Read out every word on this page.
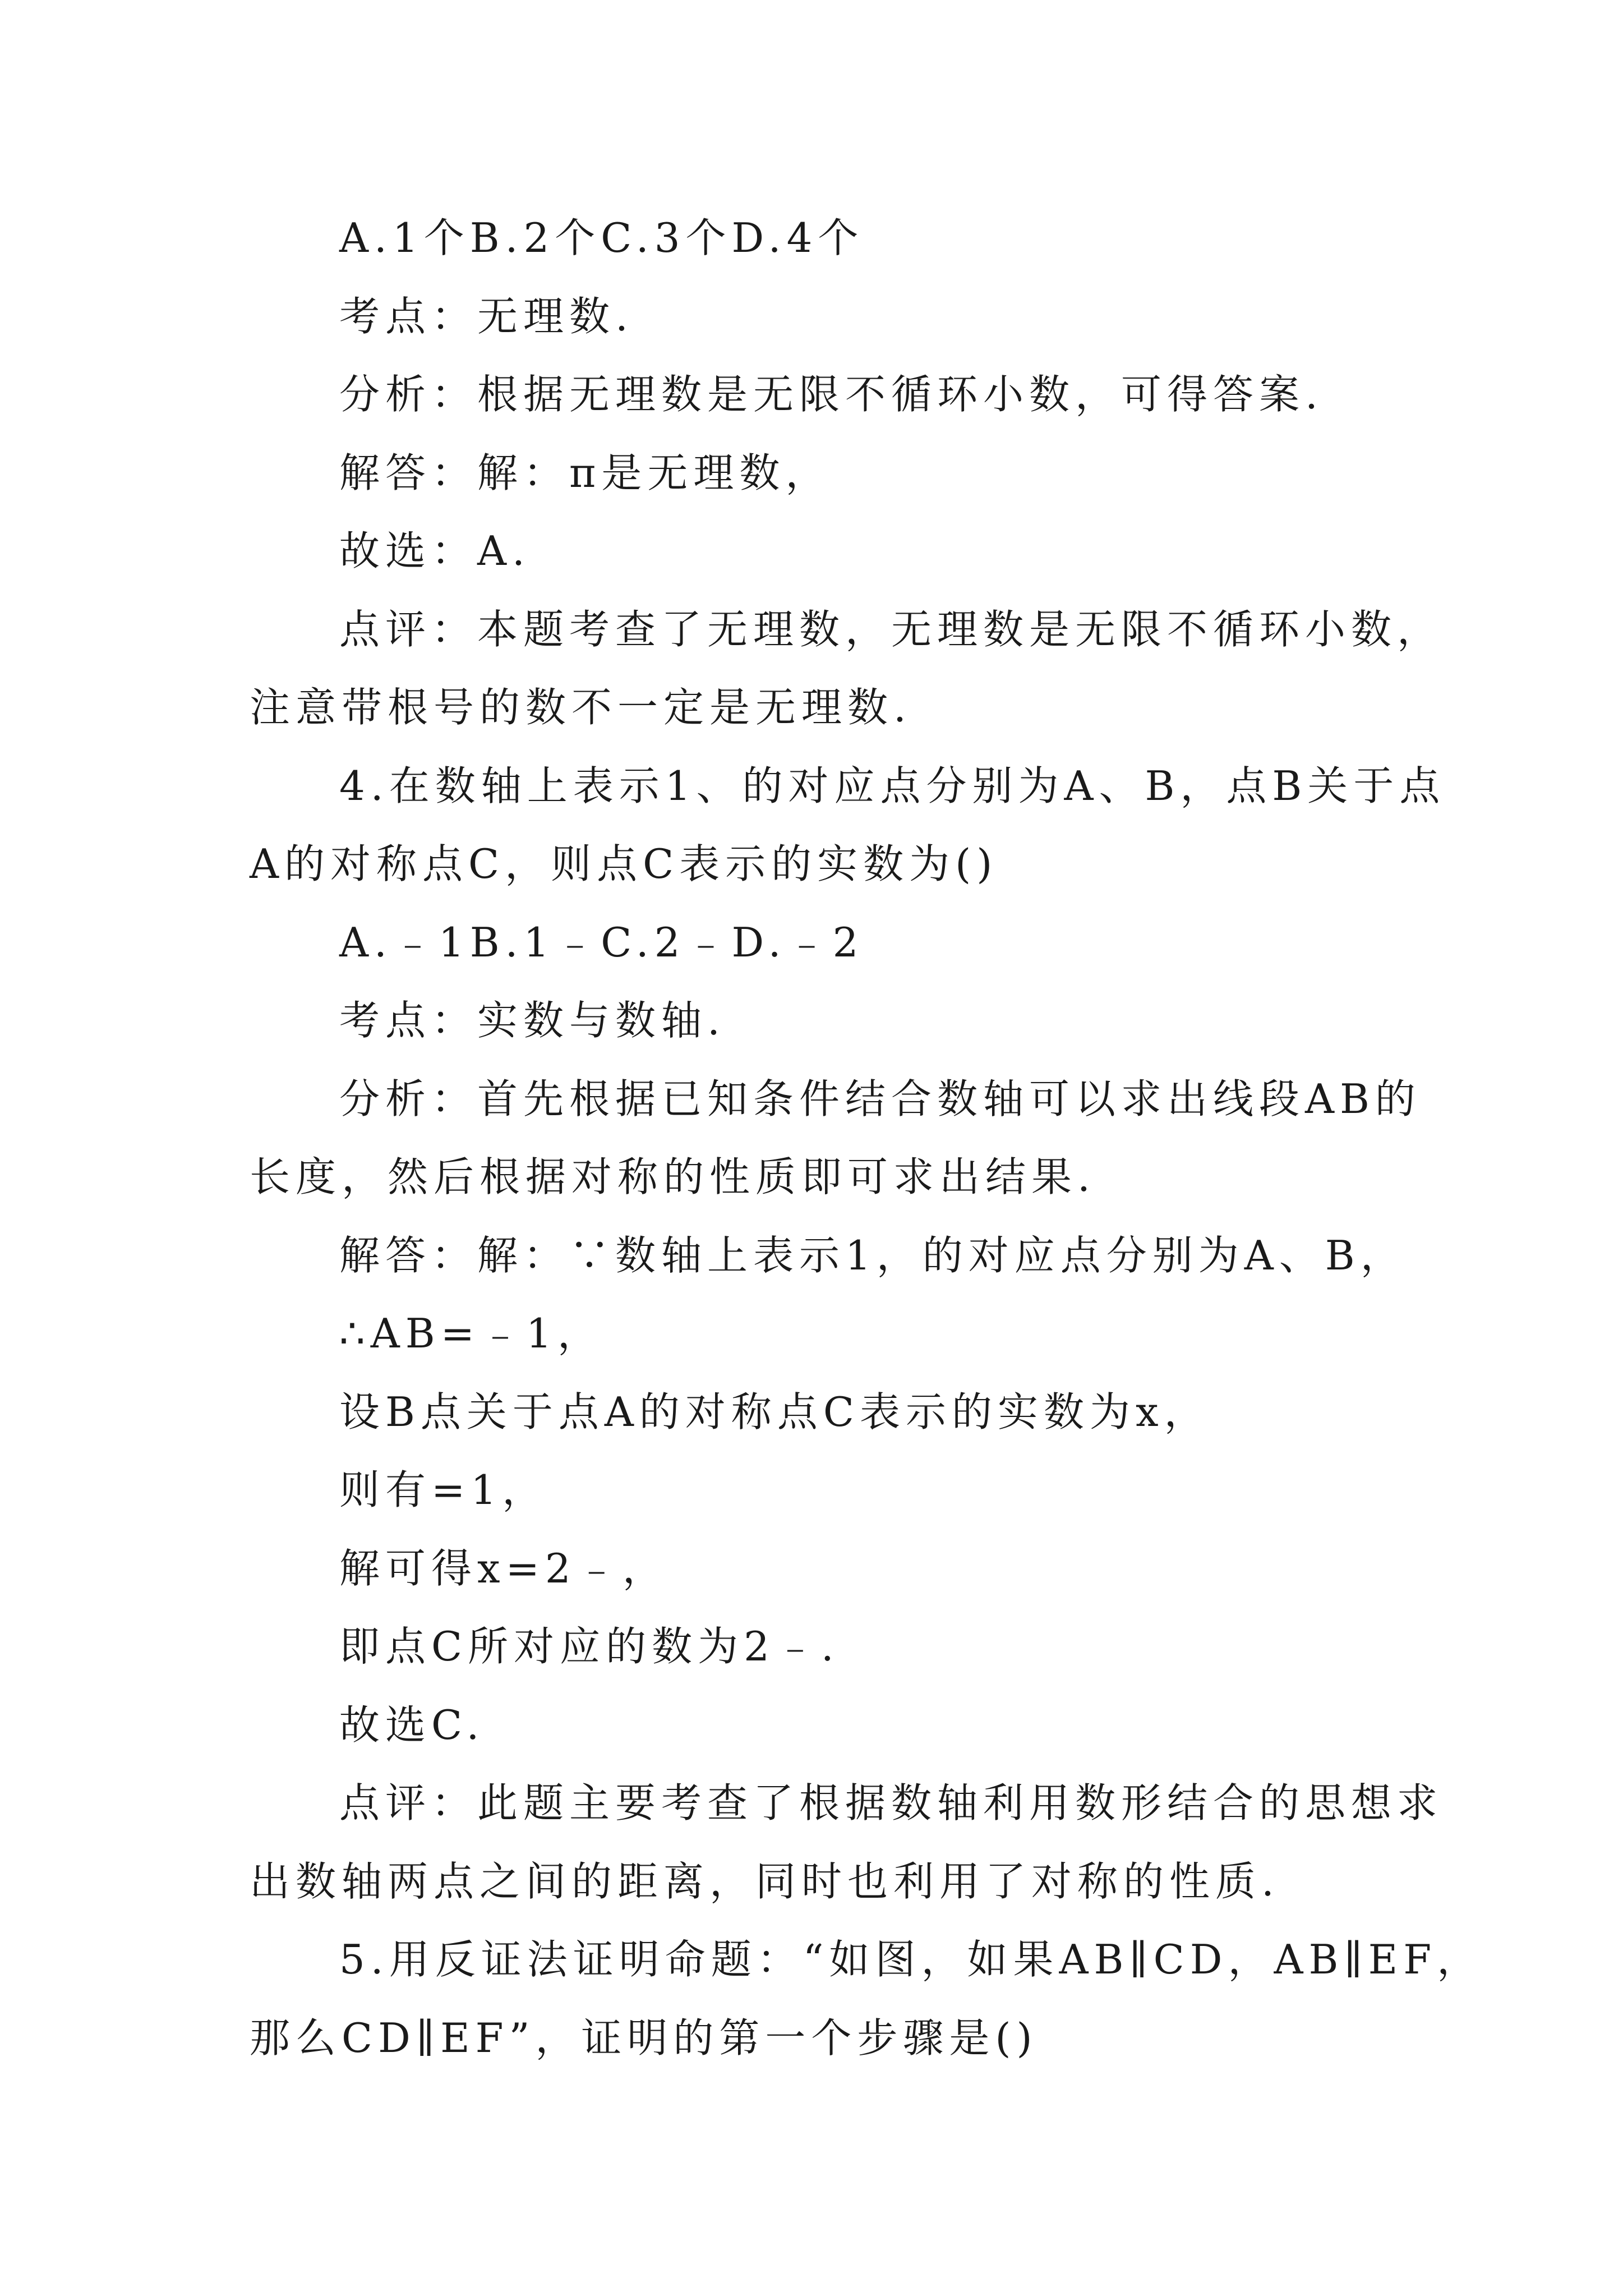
A.1个B.2个C.3个D.4个
考点：无理数.
分析：根据无理数是无限不循环小数，可得答案.
解答：解：π是无理数，
故选：A.
点评：本题考查了无理数，无理数是无限不循环小数，
注意带根号的数不一定是无理数.
4.在数轴上表示1、的对应点分别为A、B，点B关于点
A的对称点C，则点C表示的实数为()
A.﹣1B.1﹣C.2﹣D.﹣2
考点：实数与数轴.
分析：首先根据已知条件结合数轴可以求出线段AB的
长度，然后根据对称的性质即可求出结果.
解答：解：∵数轴上表示1，的对应点分别为A、B，
∴AB=﹣1，
设B点关于点A的对称点C表示的实数为x，
则有=1，
解可得x=2﹣，
即点C所对应的数为2﹣.
故选C.
点评：此题主要考查了根据数轴利用数形结合的思想求
出数轴两点之间的距离，同时也利用了对称的性质.
5.用反证法证明命题：“如图，如果AB∥CD，AB∥EF，
那么CD∥EF”，证明的第一个步骤是()
